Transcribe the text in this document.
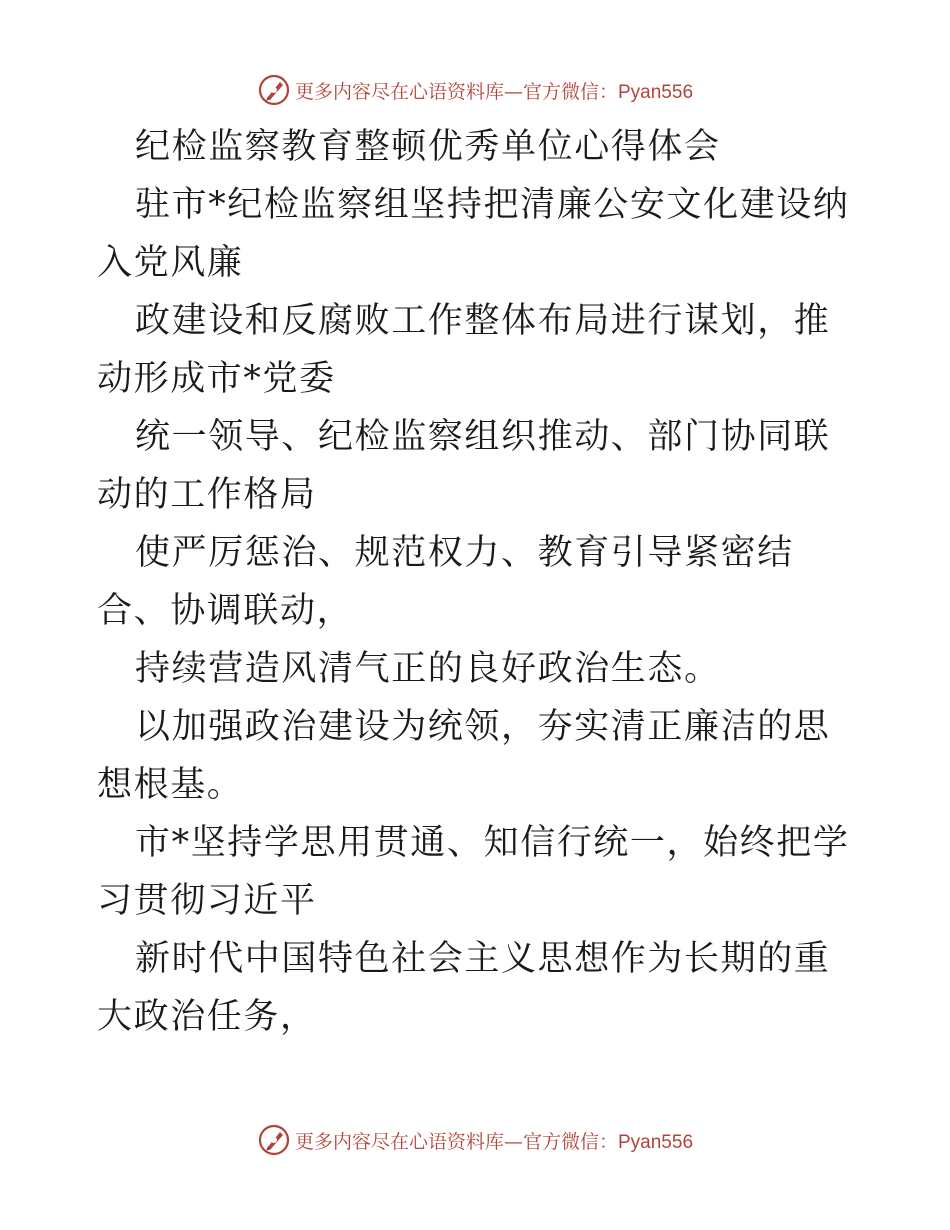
更多内容尽在心语资料库—官方微信：Pyan556

纪检监察教育整顿优秀单位心得体会

驻市*纪检监察组坚持把清廉公安文化建设纳入党风廉

政建设和反腐败工作整体布局进行谋划，推动形成市*党委

统一领导、纪检监察组织推动、部门协同联动的工作格局

使严厉惩治、规范权力、教育引导紧密结合、协调联动，

持续营造风清气正的良好政治生态。

以加强政治建设为统领，夯实清正廉洁的思想根基。

市*坚持学思用贯通、知信行统一，始终把学习贯彻习近平

新时代中国特色社会主义思想作为长期的重大政治任务，

更多内容尽在心语资料库—官方微信：Pyan556
